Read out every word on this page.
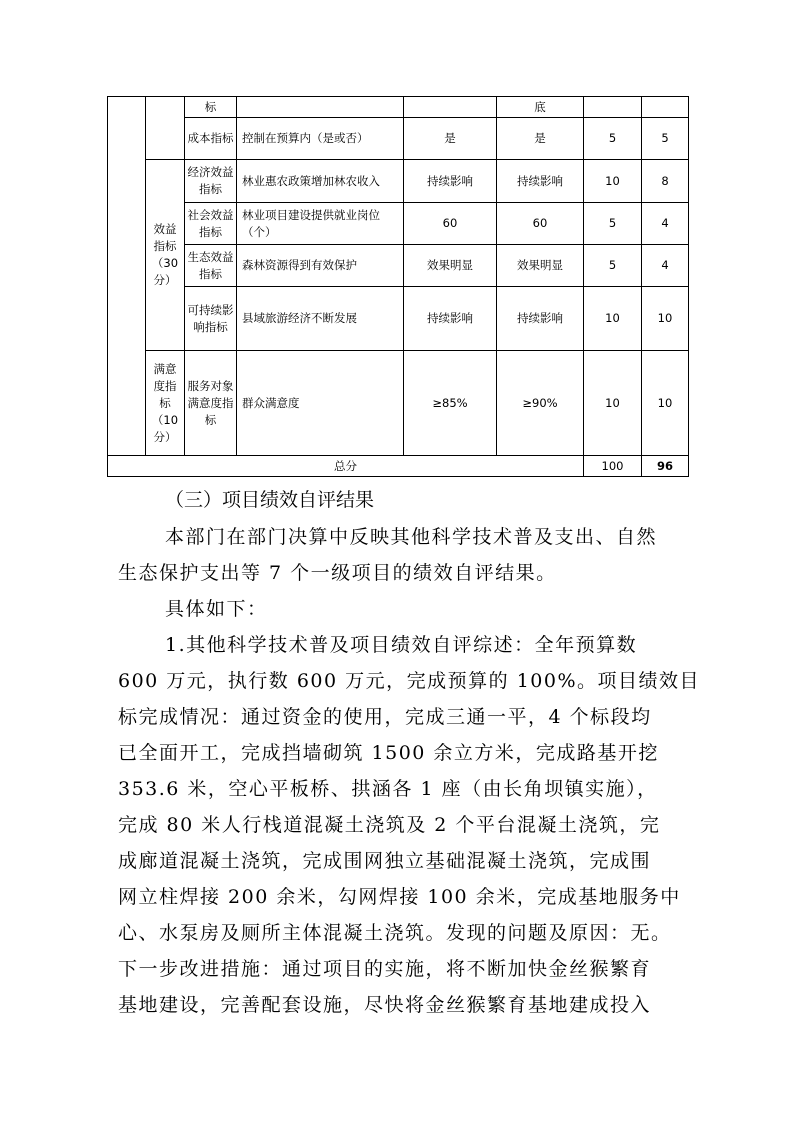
		标			底		
		成本指标	控制在预算内（是或否）	是	是	5	5
	效益指标（30分）	经济效益指标	林业惠农政策增加林农收入	持续影响	持续影响	10	8
		社会效益指标	林业项目建设提供就业岗位（个）	60	60	5	4
		生态效益指标	森林资源得到有效保护	效果明显	效果明显	5	4
		可持续影响指标	县域旅游经济不断发展	持续影响	持续影响	10	10
	满意度指标（10分）	服务对象满意度指标	群众满意度	≥85%	≥90%	10	10
总分						100	96
（三）项目绩效自评结果
本部门在部门决算中反映其他科学技术普及支出、自然
生态保护支出等 7 个一级项目的绩效自评结果。
具体如下：
1.其他科学技术普及项目绩效自评综述：全年预算数
600 万元，执行数 600 万元，完成预算的 100%。项目绩效目
标完成情况：通过资金的使用，完成三通一平，4 个标段均
已全面开工，完成挡墙砌筑 1500 余立方米，完成路基开挖
353.6 米，空心平板桥、拱涵各 1 座（由长角坝镇实施），
完成 80 米人行栈道混凝土浇筑及 2 个平台混凝土浇筑，完
成廊道混凝土浇筑，完成围网独立基础混凝土浇筑，完成围
网立柱焊接 200 余米，勾网焊接 100 余米，完成基地服务中
心、水泵房及厕所主体混凝土浇筑。发现的问题及原因：无。
下一步改进措施：通过项目的实施，将不断加快金丝猴繁育
基地建设，完善配套设施，尽快将金丝猴繁育基地建成投入
